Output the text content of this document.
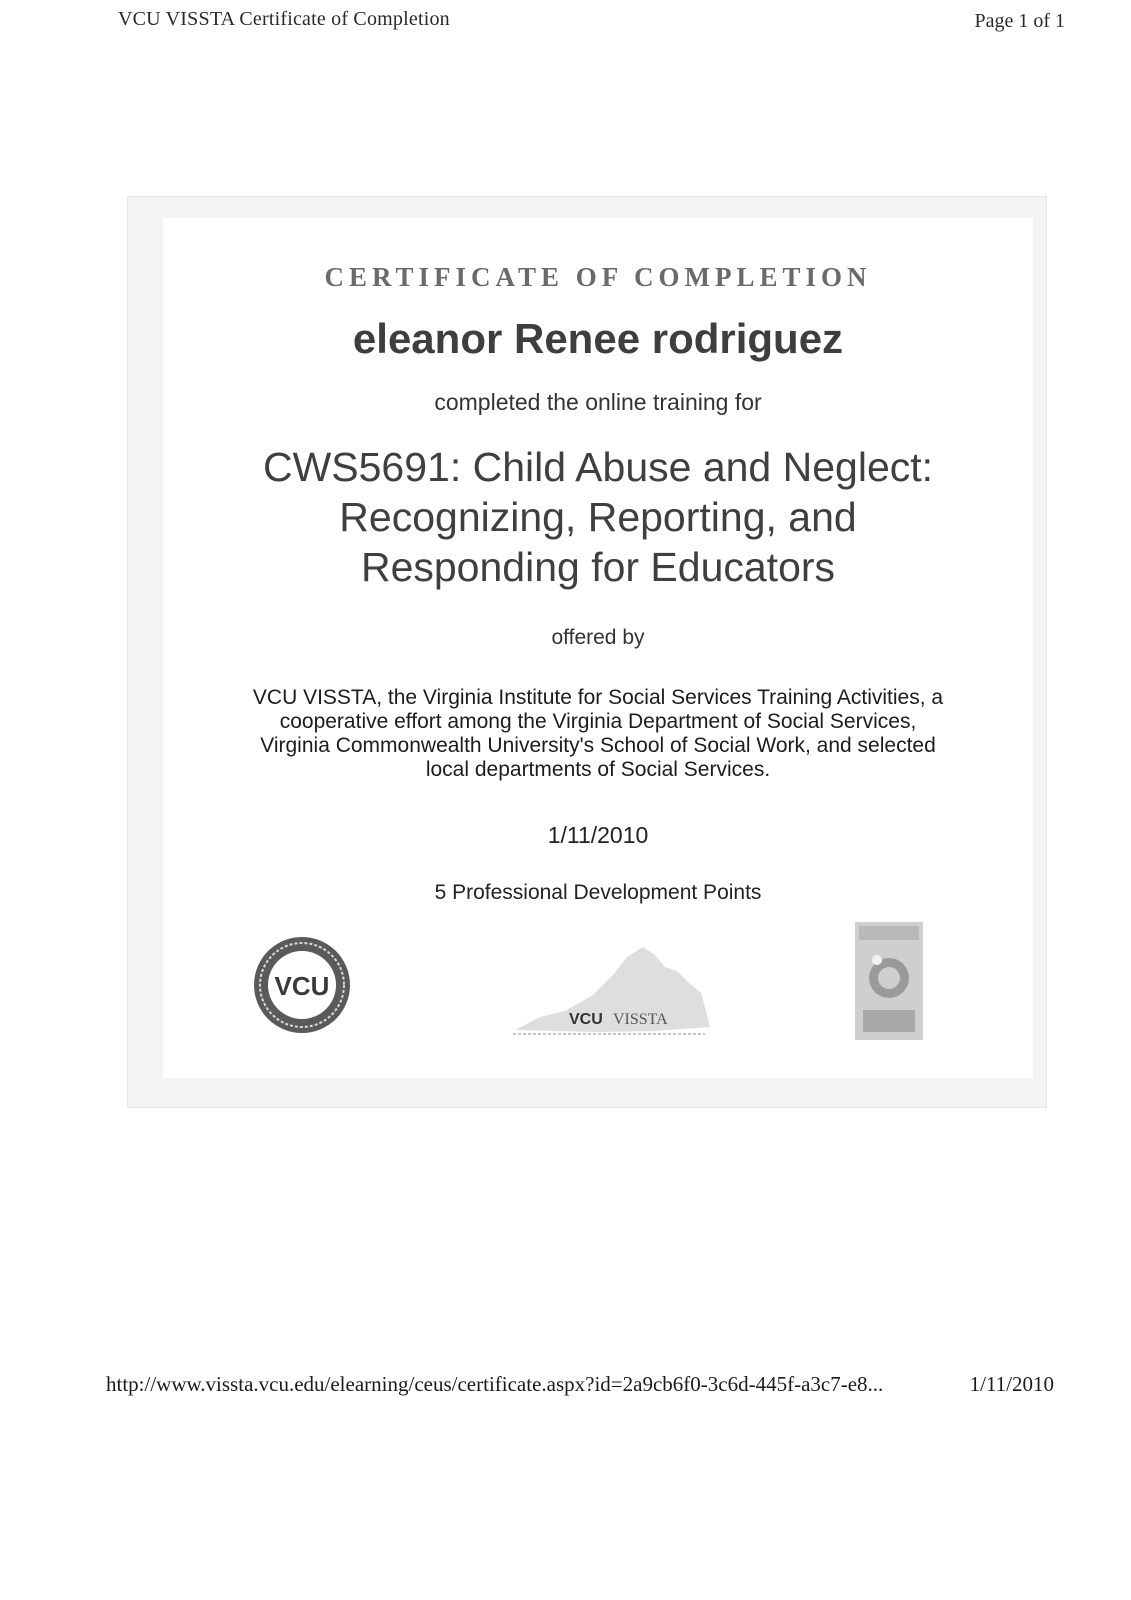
VCU VISSTA Certificate of Completion	Page 1 of 1
CERTIFICATE OF COMPLETION
eleanor Renee rodriguez
completed the online training for
CWS5691: Child Abuse and Neglect:
Recognizing, Reporting, and
Responding for Educators
offered by
VCU VISSTA, the Virginia Institute for Social Services Training Activities, a
cooperative effort among the Virginia Department of Social Services,
Virginia Commonwealth University's School of Social Work, and selected
local departments of Social Services.
1/11/2010
5 Professional Development Points
VCU
VCU VISSTA
http://www.vissta.vcu.edu/elearning/ceus/certificate.aspx?id=2a9cb6f0-3c6d-445f-a3c7-e8...	1/11/2010
